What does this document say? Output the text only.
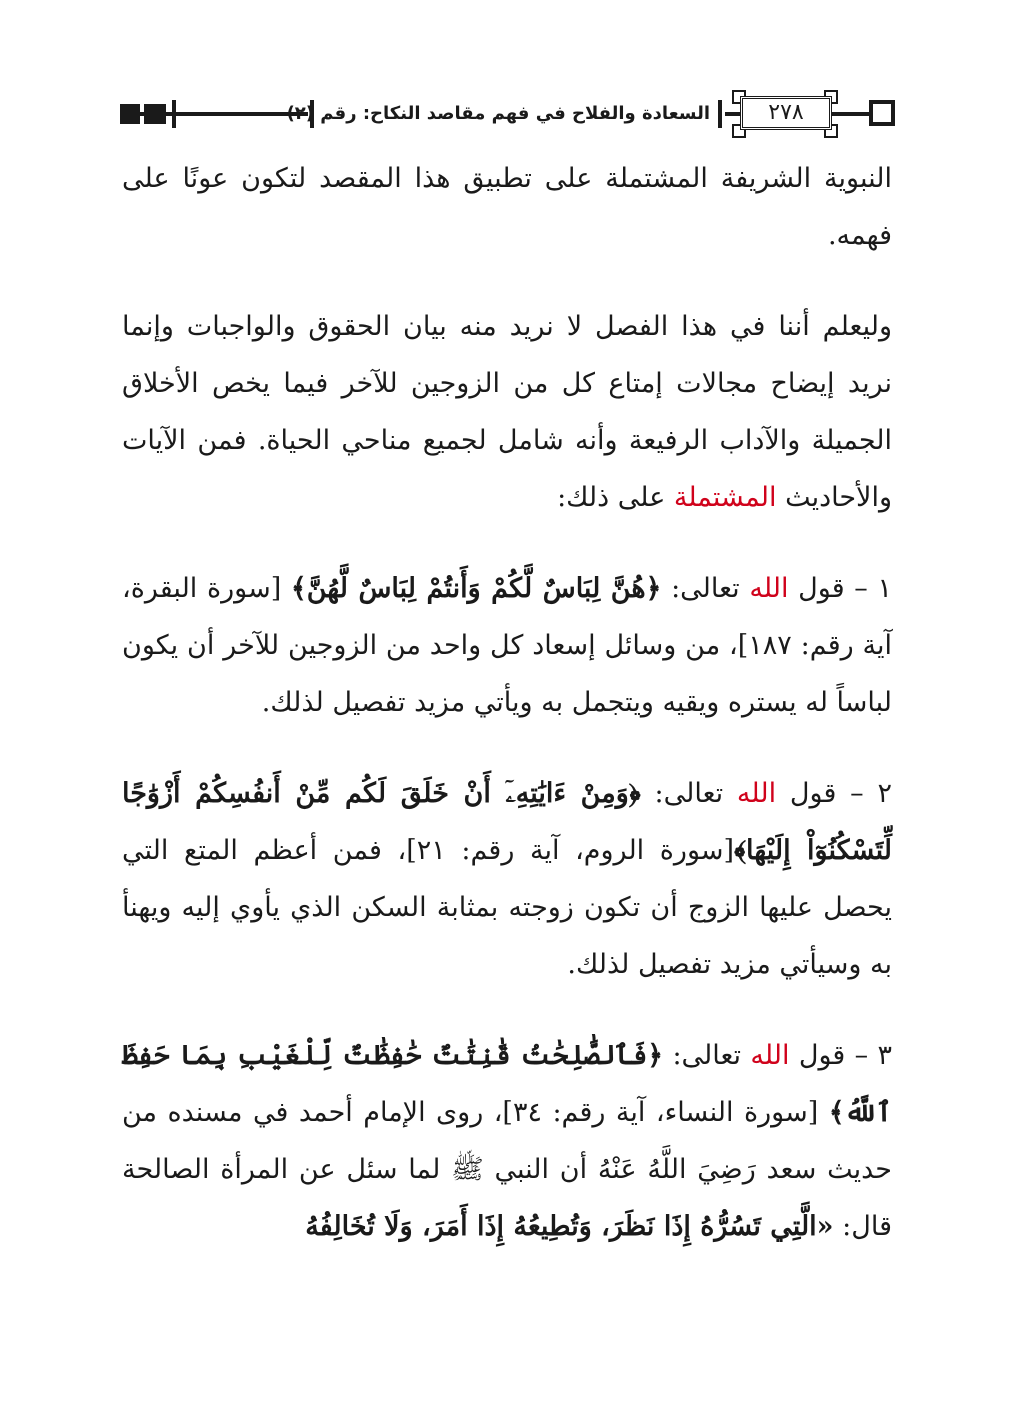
السعادة والفلاح في فهم مقاصد النكاح: رقم (٢)	٢٧٨

النبوية الشريفة المشتملة على تطبيق هذا المقصد لتكون عونًا على فهمه.

وليعلم أننا في هذا الفصل لا نريد منه بيان الحقوق والواجبات وإنما نريد إيضاح مجالات إمتاع كل من الزوجين للآخر فيما يخص الأخلاق الجميلة والآداب الرفيعة وأنه شامل لجميع مناحي الحياة. فمن الآيات والأحاديث المشتملة على ذلك:

١ – قول الله تعالى: ﴿هُنَّ لِبَاسٌ لَّكُمْ وَأَنتُمْ لِبَاسٌ لَّهُنَّ﴾ [سورة البقرة، آية رقم: ١٨٧]، من وسائل إسعاد كل واحد من الزوجين للآخر أن يكون لباساً له يستره ويقيه ويتجمل به ويأتي مزيد تفصيل لذلك.

٢ – قول الله تعالى: ﴿وَمِنْ ءَايَٰتِهِۦٓ أَنْ خَلَقَ لَكُم مِّنْ أَنفُسِكُمْ أَزْوَٰجًا لِّتَسْكُنُوٓاْ إِلَيْهَا﴾[سورة الروم، آية رقم: ٢١]، فمن أعظم المتع التي يحصل عليها الزوج أن تكون زوجته بمثابة السكن الذي يأوي إليه ويهنأ به وسيأتي مزيد تفصيل لذلك.

٣ – قول الله تعالى: ﴿فَٱلصَّٰلِحَٰتُ قَٰنِتَٰتٌ حَٰفِظَٰتٌ لِّلْغَيْبِ بِمَا حَفِظَ ٱللَّهُ﴾ [سورة النساء، آية رقم: ٣٤]، روى الإمام أحمد في مسنده من حديث سعد رَضِيَ اللَّهُ عَنْهُ أن النبي ﷺ لما سئل عن المرأة الصالحة قال: «الَّتِي تَسُرُّهُ إِذَا نَظَرَ، وَتُطِيعُهُ إِذَا أَمَرَ، وَلَا تُخَالِفُهُ
